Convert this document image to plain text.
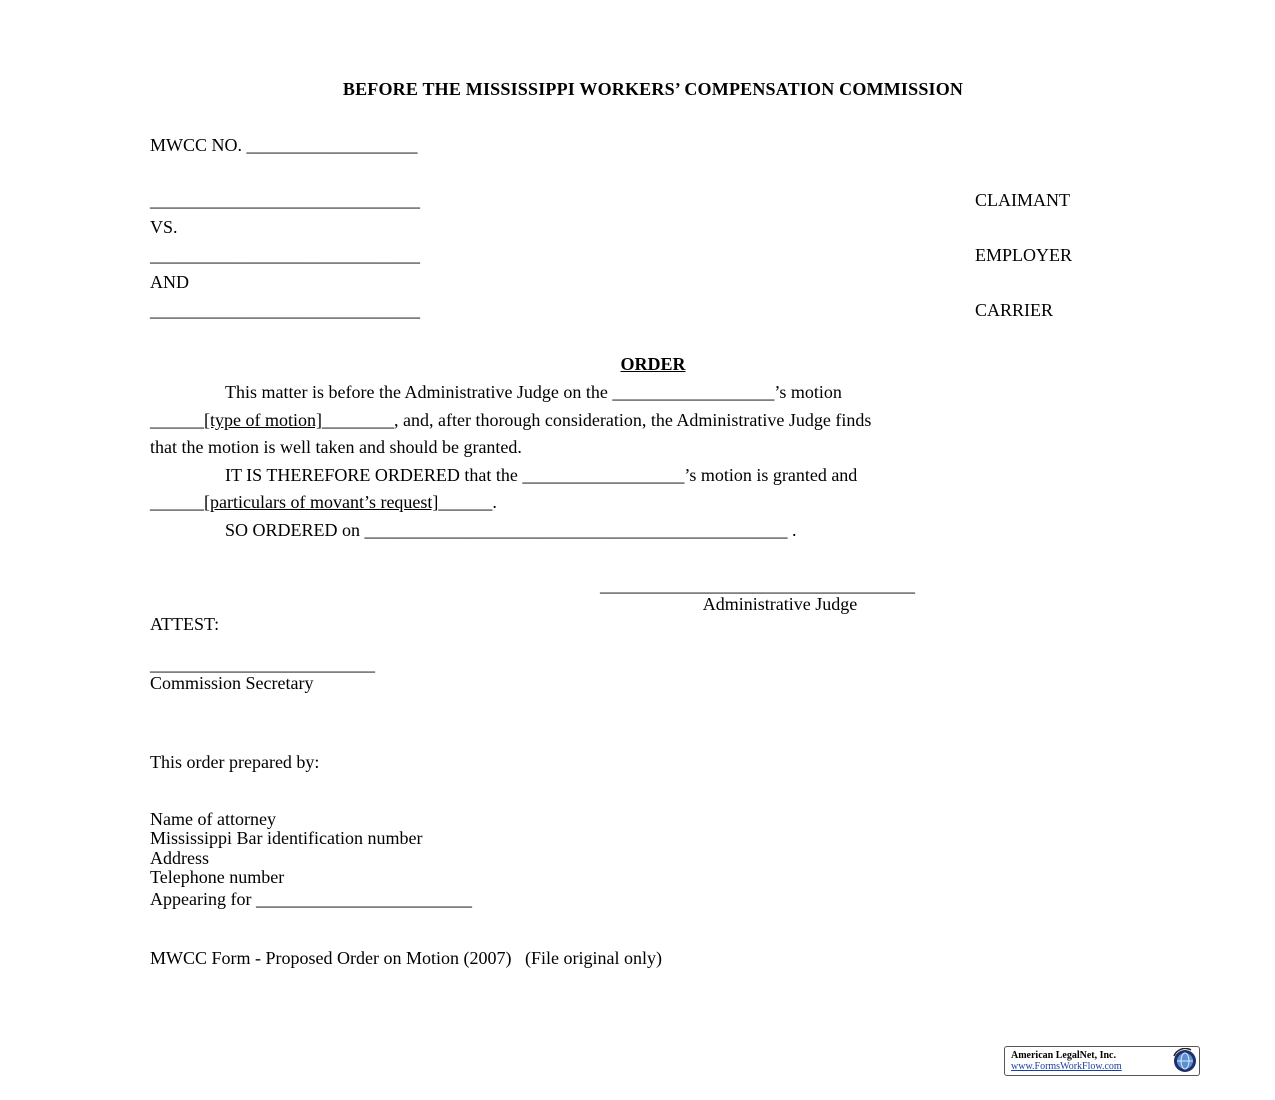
BEFORE THE MISSISSIPPI WORKERS’ COMPENSATION COMMISSION
MWCC NO. ___________________
______________________________	CLAIMANT
VS.
______________________________	EMPLOYER
AND
______________________________	CARRIER
ORDER
This matter is before the Administrative Judge on the __________________’s motion
______[type of motion]________, and, after thorough consideration, the Administrative Judge finds
that the motion is well taken and should be granted.
IT IS THEREFORE ORDERED that the __________________’s motion is granted and
______[particulars of movant’s request]______.
SO ORDERED on _______________________________________________ .
___________________________________
Administrative Judge
ATTEST:
_________________________
Commission Secretary
This order prepared by:

Name of attorney
Mississippi Bar identification number
Address
Telephone number

Appearing for ________________________
MWCC Form - Proposed Order on Motion (2007)   (File original only)
American LegalNet, Inc.
www.FormsWorkFlow.com
